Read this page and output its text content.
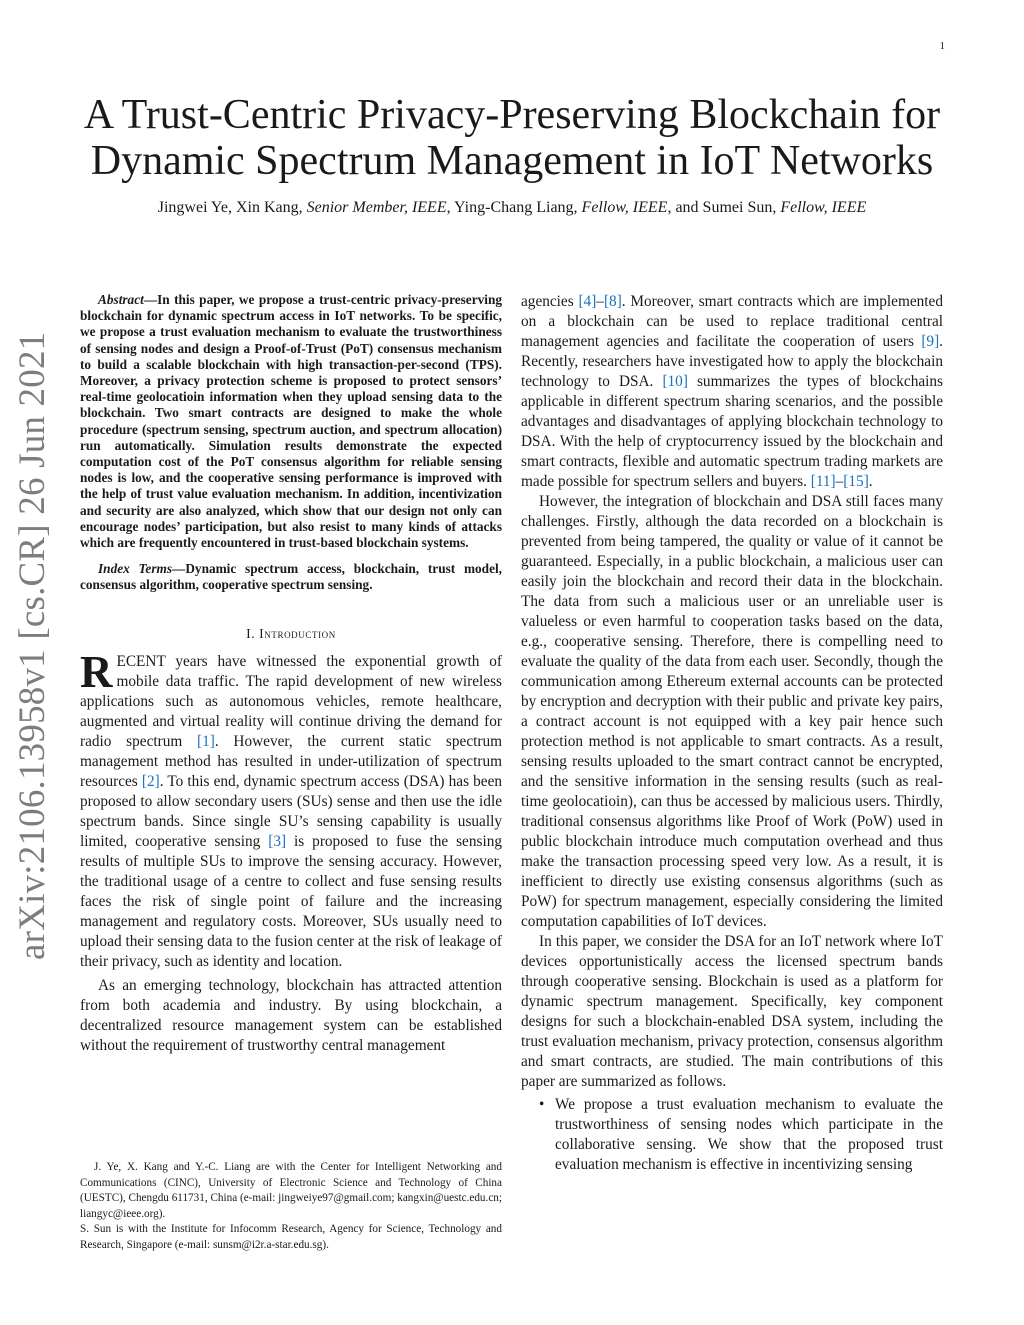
1
arXiv:2106.13958v1 [cs.CR] 26 Jun 2021
A Trust-Centric Privacy-Preserving Blockchain for
Dynamic Spectrum Management in IoT Networks
Jingwei Ye, Xin Kang, Senior Member, IEEE, Ying-Chang Liang, Fellow, IEEE, and Sumei Sun, Fellow, IEEE

Abstract—In this paper, we propose a trust-centric privacy-preserving blockchain for dynamic spectrum access in IoT networks. To be specific, we propose a trust evaluation mechanism to evaluate the trustworthiness of sensing nodes and design a Proof-of-Trust (PoT) consensus mechanism to build a scalable blockchain with high transaction-per-second (TPS). Moreover, a privacy protection scheme is proposed to protect sensors’ real-time geolocatioin information when they upload sensing data to the blockchain. Two smart contracts are designed to make the whole procedure (spectrum sensing, spectrum auction, and spectrum allocation) run automatically. Simulation results demonstrate the expected computation cost of the PoT consensus algorithm for reliable sensing nodes is low, and the cooperative sensing performance is improved with the help of trust value evaluation mechanism. In addition, incentivization and security are also analyzed, which show that our design not only can encourage nodes’ participation, but also resist to many kinds of attacks which are frequently encountered in trust-based blockchain systems.

Index Terms—Dynamic spectrum access, blockchain, trust model, consensus algorithm, cooperative spectrum sensing.

I. Introduction

RECENT years have witnessed the exponential growth of mobile data traffic. The rapid development of new wireless applications such as autonomous vehicles, remote healthcare, augmented and virtual reality will continue driving the demand for radio spectrum [1]. However, the current static spectrum management method has resulted in under-utilization of spectrum resources [2]. To this end, dynamic spectrum access (DSA) has been proposed to allow secondary users (SUs) sense and then use the idle spectrum bands. Since single SU’s sensing capability is usually limited, cooperative sensing [3] is proposed to fuse the sensing results of multiple SUs to improve the sensing accuracy. However, the traditional usage of a centre to collect and fuse sensing results faces the risk of single point of failure and the increasing management and regulatory costs. Moreover, SUs usually need to upload their sensing data to the fusion center at the risk of leakage of their privacy, such as identity and location.

As an emerging technology, blockchain has attracted attention from both academia and industry. By using blockchain, a decentralized resource management system can be established without the requirement of trustworthy central management

J. Ye, X. Kang and Y.-C. Liang are with the Center for Intelligent Networking and Communications (CINC), University of Electronic Science and Technology of China (UESTC), Chengdu 611731, China (e-mail: jingweiye97@gmail.com; kangxin@uestc.edu.cn; liangyc@ieee.org).

S. Sun is with the Institute for Infocomm Research, Agency for Science, Technology and Research, Singapore (e-mail: sunsm@i2r.a-star.edu.sg).

agencies [4]–[8]. Moreover, smart contracts which are implemented on a blockchain can be used to replace traditional central management agencies and facilitate the cooperation of users [9]. Recently, researchers have investigated how to apply the blockchain technology to DSA. [10] summarizes the types of blockchains applicable in different spectrum sharing scenarios, and the possible advantages and disadvantages of applying blockchain technology to DSA. With the help of cryptocurrency issued by the blockchain and smart contracts, flexible and automatic spectrum trading markets are made possible for spectrum sellers and buyers. [11]–[15].

However, the integration of blockchain and DSA still faces many challenges. Firstly, although the data recorded on a blockchain is prevented from being tampered, the quality or value of it cannot be guaranteed. Especially, in a public blockchain, a malicious user can easily join the blockchain and record their data in the blockchain. The data from such a malicious user or an unreliable user is valueless or even harmful to cooperation tasks based on the data, e.g., cooperative sensing. Therefore, there is compelling need to evaluate the quality of the data from each user. Secondly, though the communication among Ethereum external accounts can be protected by encryption and decryption with their public and private key pairs, a contract account is not equipped with a key pair hence such protection method is not applicable to smart contracts. As a result, sensing results uploaded to the smart contract cannot be encrypted, and the sensitive information in the sensing results (such as real-time geolocatioin), can thus be accessed by malicious users. Thirdly, traditional consensus algorithms like Proof of Work (PoW) used in public blockchain introduce much computation overhead and thus make the transaction processing speed very low. As a result, it is inefficient to directly use existing consensus algorithms (such as PoW) for spectrum management, especially considering the limited computation capabilities of IoT devices.

In this paper, we consider the DSA for an IoT network where IoT devices opportunistically access the licensed spectrum bands through cooperative sensing. Blockchain is used as a platform for dynamic spectrum management. Specifically, key component designs for such a blockchain-enabled DSA system, including the trust evaluation mechanism, privacy protection, consensus algorithm and smart contracts, are studied. The main contributions of this paper are summarized as follows.

• We propose a trust evaluation mechanism to evaluate the trustworthiness of sensing nodes which participate in the collaborative sensing. We show that the proposed trust evaluation mechanism is effective in incentivizing sensing
